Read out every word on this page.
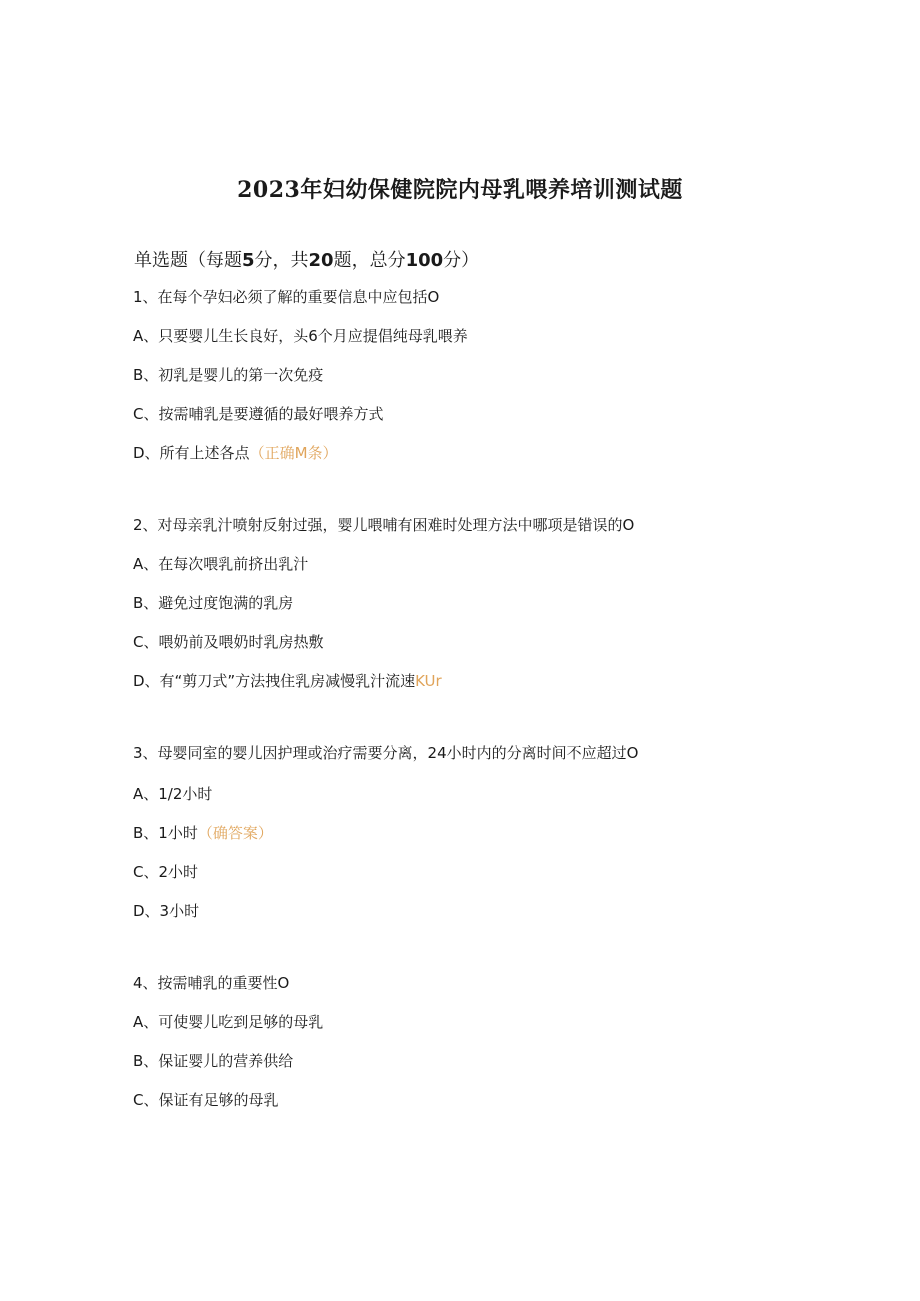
2023年妇幼保健院院内母乳喂养培训测试题

单选题（每题5分，共20题，总分100分）

1、在每个孕妇必须了解的重要信息中应包括O
A、只要婴儿生长良好，头6个月应提倡纯母乳喂养
B、初乳是婴儿的第一次免疫
C、按需哺乳是要遵循的最好喂养方式
D、所有上述各点（正确M条）
2、对母亲乳汁喷射反射过强，婴儿喂哺有困难时处理方法中哪项是错误的O
A、在每次喂乳前挤出乳汁
B、避免过度饱满的乳房
C、喂奶前及喂奶时乳房热敷
D、有“剪刀式”方法拽住乳房减慢乳汁流速KUr
3、母婴同室的婴儿因护理或治疗需要分离，24小时内的分离时间不应超过O
A、1/2小时
B、1小时（确答案）
C、2小时
D、3小时
4、按需哺乳的重要性O
A、可使婴儿吃到足够的母乳
B、保证婴儿的营养供给
C、保证有足够的母乳
